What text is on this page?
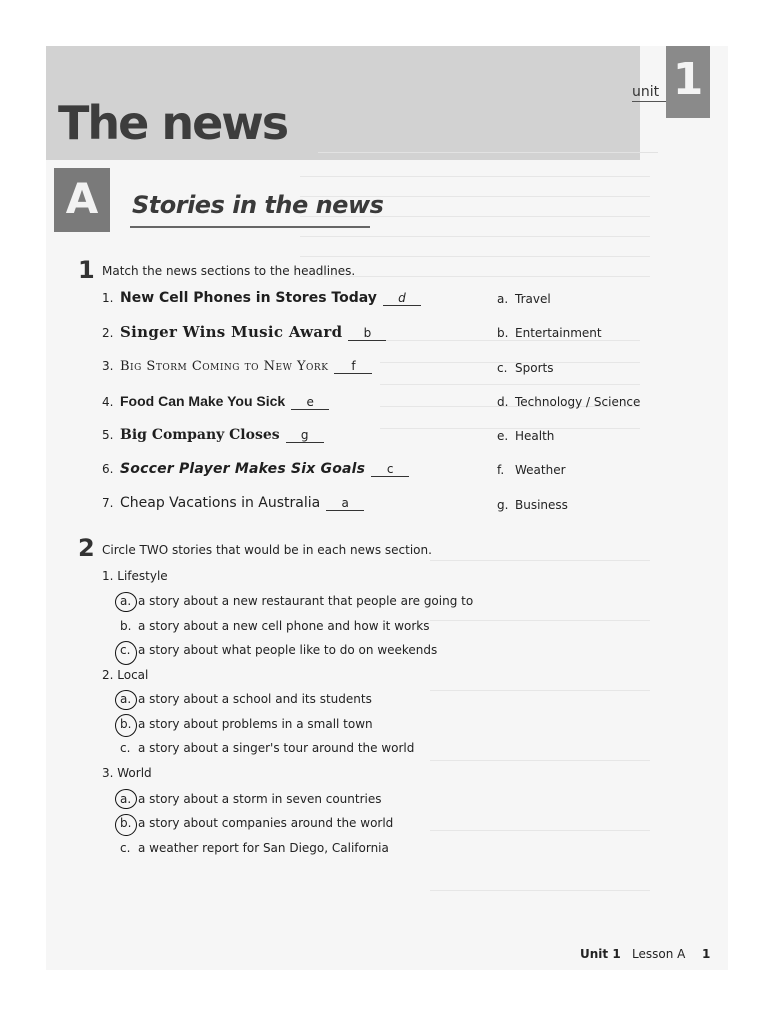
The news
unit 1
A	Stories in the news
1 Match the news sections to the headlines.
1. New Cell Phones in Stores Today d
2. Singer Wins Music Award b
3. Big Storm Coming to New York f
4. Food Can Make You Sick e
5. Big Company Closes g
6. Soccer Player Makes Six Goals c
7. Cheap Vacations in Australia a
a. Travel
b. Entertainment
c. Sports
d. Technology / Science
e. Health
f. Weather
g. Business
2 Circle TWO stories that would be in each news section.
1. Lifestyle
a. a story about a new restaurant that people are going to
b. a story about a new cell phone and how it works
c. a story about what people like to do on weekends
2. Local
a. a story about a school and its students
b. a story about problems in a small town
c. a story about a singer's tour around the world
3. World
a. a story about a storm in seven countries
b. a story about companies around the world
c. a weather report for San Diego, California
Unit 1 Lesson A 1
